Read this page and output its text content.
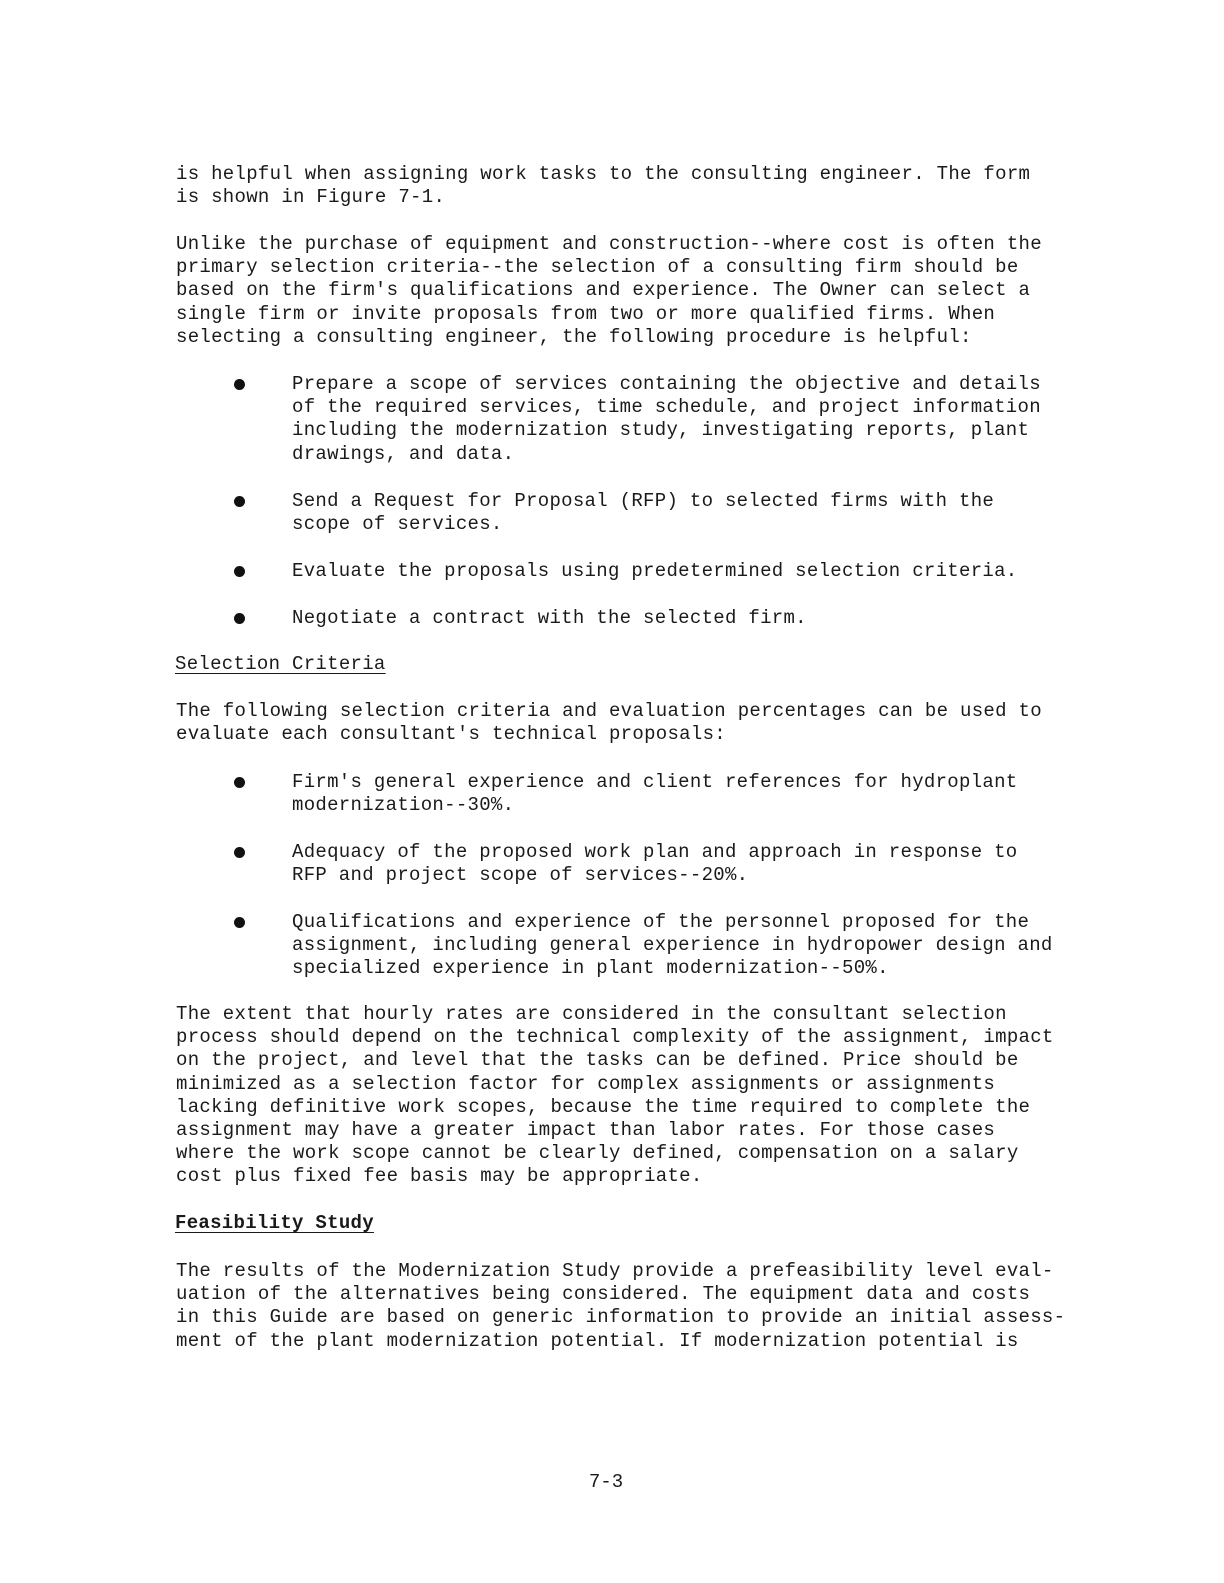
is helpful when assigning work tasks to the consulting engineer. The form
is shown in Figure 7-1.

Unlike the purchase of equipment and construction--where cost is often the
primary selection criteria--the selection of a consulting firm should be
based on the firm's qualifications and experience. The Owner can select a
single firm or invite proposals from two or more qualified firms. When
selecting a consulting engineer, the following procedure is helpful:

Prepare a scope of services containing the objective and details
of the required services, time schedule, and project information
including the modernization study, investigating reports, plant
drawings, and data.

Send a Request for Proposal (RFP) to selected firms with the
scope of services.

Evaluate the proposals using predetermined selection criteria.

Negotiate a contract with the selected firm.

Selection Criteria

The following selection criteria and evaluation percentages can be used to
evaluate each consultant's technical proposals:

Firm's general experience and client references for hydroplant
modernization--30%.

Adequacy of the proposed work plan and approach in response to
RFP and project scope of services--20%.

Qualifications and experience of the personnel proposed for the
assignment, including general experience in hydropower design and
specialized experience in plant modernization--50%.

The extent that hourly rates are considered in the consultant selection
process should depend on the technical complexity of the assignment, impact
on the project, and level that the tasks can be defined. Price should be
minimized as a selection factor for complex assignments or assignments
lacking definitive work scopes, because the time required to complete the
assignment may have a greater impact than labor rates. For those cases
where the work scope cannot be clearly defined, compensation on a salary
cost plus fixed fee basis may be appropriate.

Feasibility Study

The results of the Modernization Study provide a prefeasibility level eval-
uation of the alternatives being considered. The equipment data and costs
in this Guide are based on generic information to provide an initial assess-
ment of the plant modernization potential. If modernization potential is

7-3
